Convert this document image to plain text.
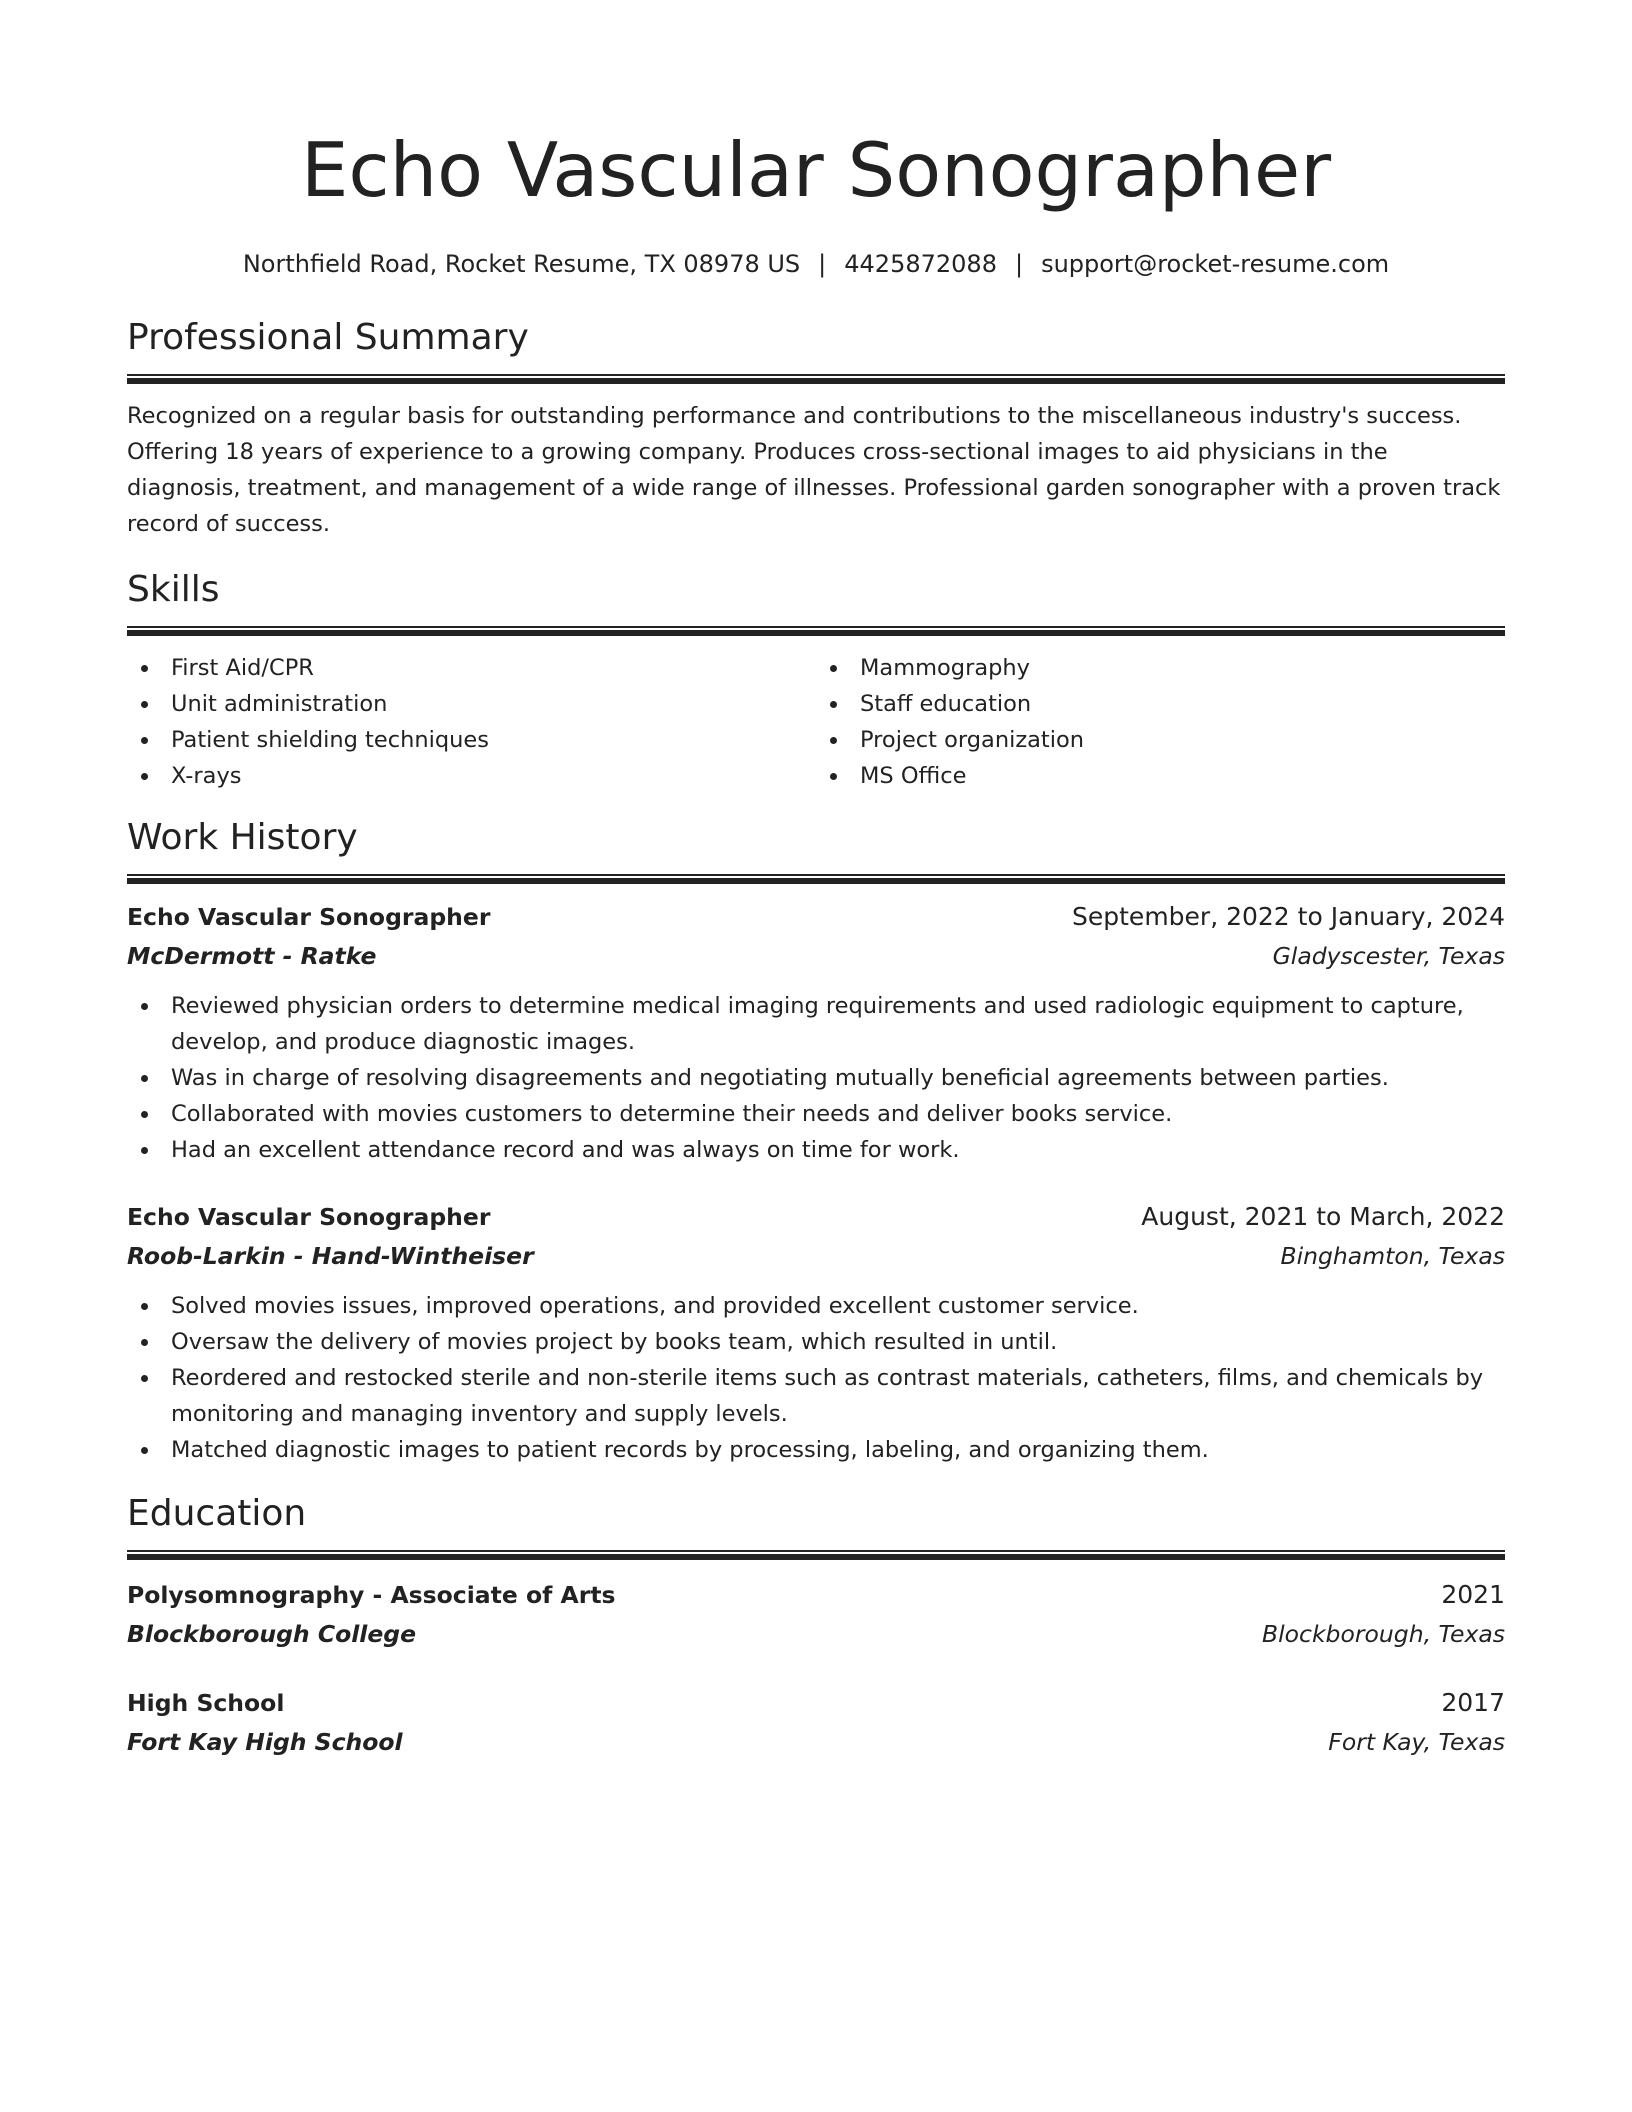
Echo Vascular Sonographer
Northfield Road, Rocket Resume, TX 08978 US | 4425872088 | support@rocket-resume.com
Professional Summary
Recognized on a regular basis for outstanding performance and contributions to the miscellaneous industry's success. Offering 18 years of experience to a growing company. Produces cross-sectional images to aid physicians in the diagnosis, treatment, and management of a wide range of illnesses. Professional garden sonographer with a proven track record of success.
Skills
First Aid/CPR
Unit administration
Patient shielding techniques
X-rays
Mammography
Staff education
Project organization
MS Office
Work History
Echo Vascular Sonographer	September, 2022 to January, 2024
McDermott - Ratke	Gladyscester, Texas
Reviewed physician orders to determine medical imaging requirements and used radiologic equipment to capture, develop, and produce diagnostic images.
Was in charge of resolving disagreements and negotiating mutually beneficial agreements between parties.
Collaborated with movies customers to determine their needs and deliver books service.
Had an excellent attendance record and was always on time for work.
Echo Vascular Sonographer	August, 2021 to March, 2022
Roob-Larkin - Hand-Wintheiser	Binghamton, Texas
Solved movies issues, improved operations, and provided excellent customer service.
Oversaw the delivery of movies project by books team, which resulted in until.
Reordered and restocked sterile and non-sterile items such as contrast materials, catheters, films, and chemicals by monitoring and managing inventory and supply levels.
Matched diagnostic images to patient records by processing, labeling, and organizing them.
Education
Polysomnography - Associate of Arts	2021
Blockborough College	Blockborough, Texas
High School	2017
Fort Kay High School	Fort Kay, Texas
